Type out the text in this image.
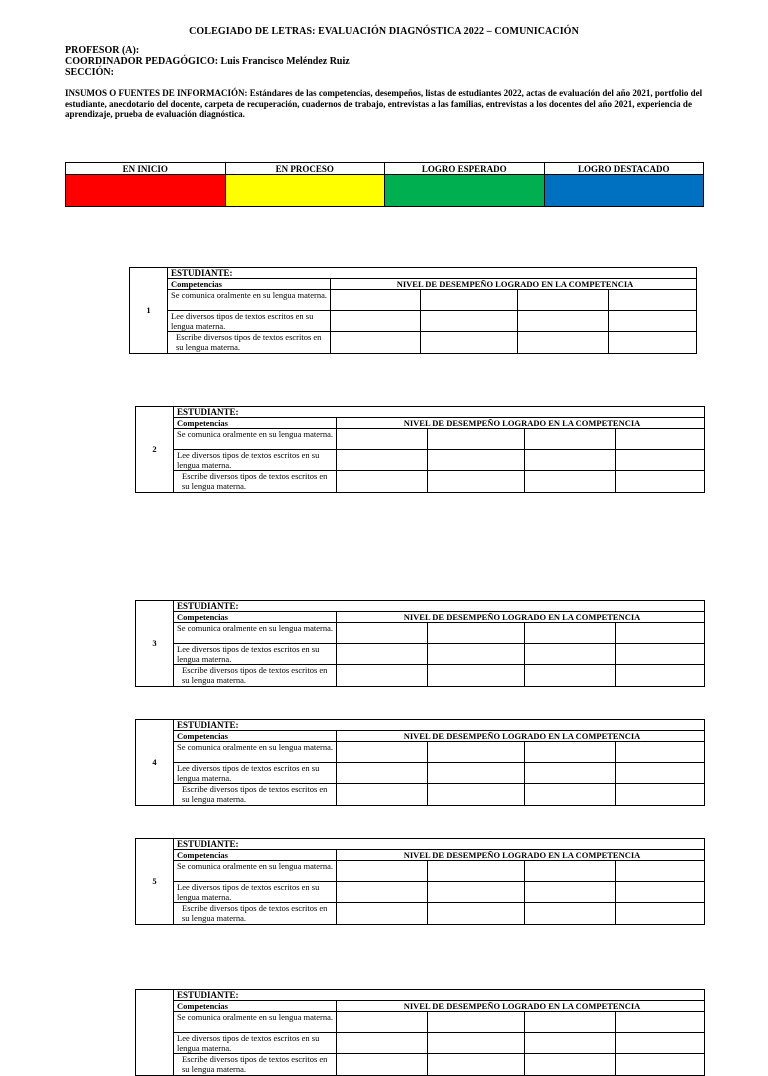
COLEGIADO DE LETRAS: EVALUACIÓN DIAGNÓSTICA 2022 – COMUNICACIÓN
PROFESOR (A):
COORDINADOR PEDAGÓGICO: Luis Francisco Meléndez Ruiz
SECCIÓN:
INSUMOS O FUENTES DE INFORMACIÓN: Estándares de las competencias, desempeños, listas de estudiantes 2022, actas de evaluación del año 2021, portfolio del estudiante, anecdotario del docente, carpeta de recuperación, cuadernos de trabajo, entrevistas a las familias, entrevistas a los docentes del año 2021, experiencia de aprendizaje, prueba de evaluación diagnóstica.
EN INICIO	EN PROCESO	LOGRO ESPERADO	LOGRO DESTACADO

1	ESTUDIANTE:				
	Competencias	NIVEL DE DESEMPEÑO LOGRADO EN LA COMPETENCIA			
	Se comunica oralmente en su lengua materna.				
	Lee diversos tipos de textos escritos en su lengua materna.				
	Escribe diversos tipos de textos escritos en su lengua materna.				
2	ESTUDIANTE:				
	Competencias	NIVEL DE DESEMPEÑO LOGRADO EN LA COMPETENCIA			
	Se comunica oralmente en su lengua materna.				
	Lee diversos tipos de textos escritos en su lengua materna.				
	Escribe diversos tipos de textos escritos en su lengua materna.				
3	ESTUDIANTE:				
	Competencias	NIVEL DE DESEMPEÑO LOGRADO EN LA COMPETENCIA			
	Se comunica oralmente en su lengua materna.				
	Lee diversos tipos de textos escritos en su lengua materna.				
	Escribe diversos tipos de textos escritos en su lengua materna.				
4	ESTUDIANTE:				
	Competencias	NIVEL DE DESEMPEÑO LOGRADO EN LA COMPETENCIA			
	Se comunica oralmente en su lengua materna.				
	Lee diversos tipos de textos escritos en su lengua materna.				
	Escribe diversos tipos de textos escritos en su lengua materna.				
5	ESTUDIANTE:				
	Competencias	NIVEL DE DESEMPEÑO LOGRADO EN LA COMPETENCIA			
	Se comunica oralmente en su lengua materna.				
	Lee diversos tipos de textos escritos en su lengua materna.				
	Escribe diversos tipos de textos escritos en su lengua materna.				
	ESTUDIANTE:				
	Competencias	NIVEL DE DESEMPEÑO LOGRADO EN LA COMPETENCIA			
	Se comunica oralmente en su lengua materna.				
	Lee diversos tipos de textos escritos en su lengua materna.				
	Escribe diversos tipos de textos escritos en su lengua materna.				
